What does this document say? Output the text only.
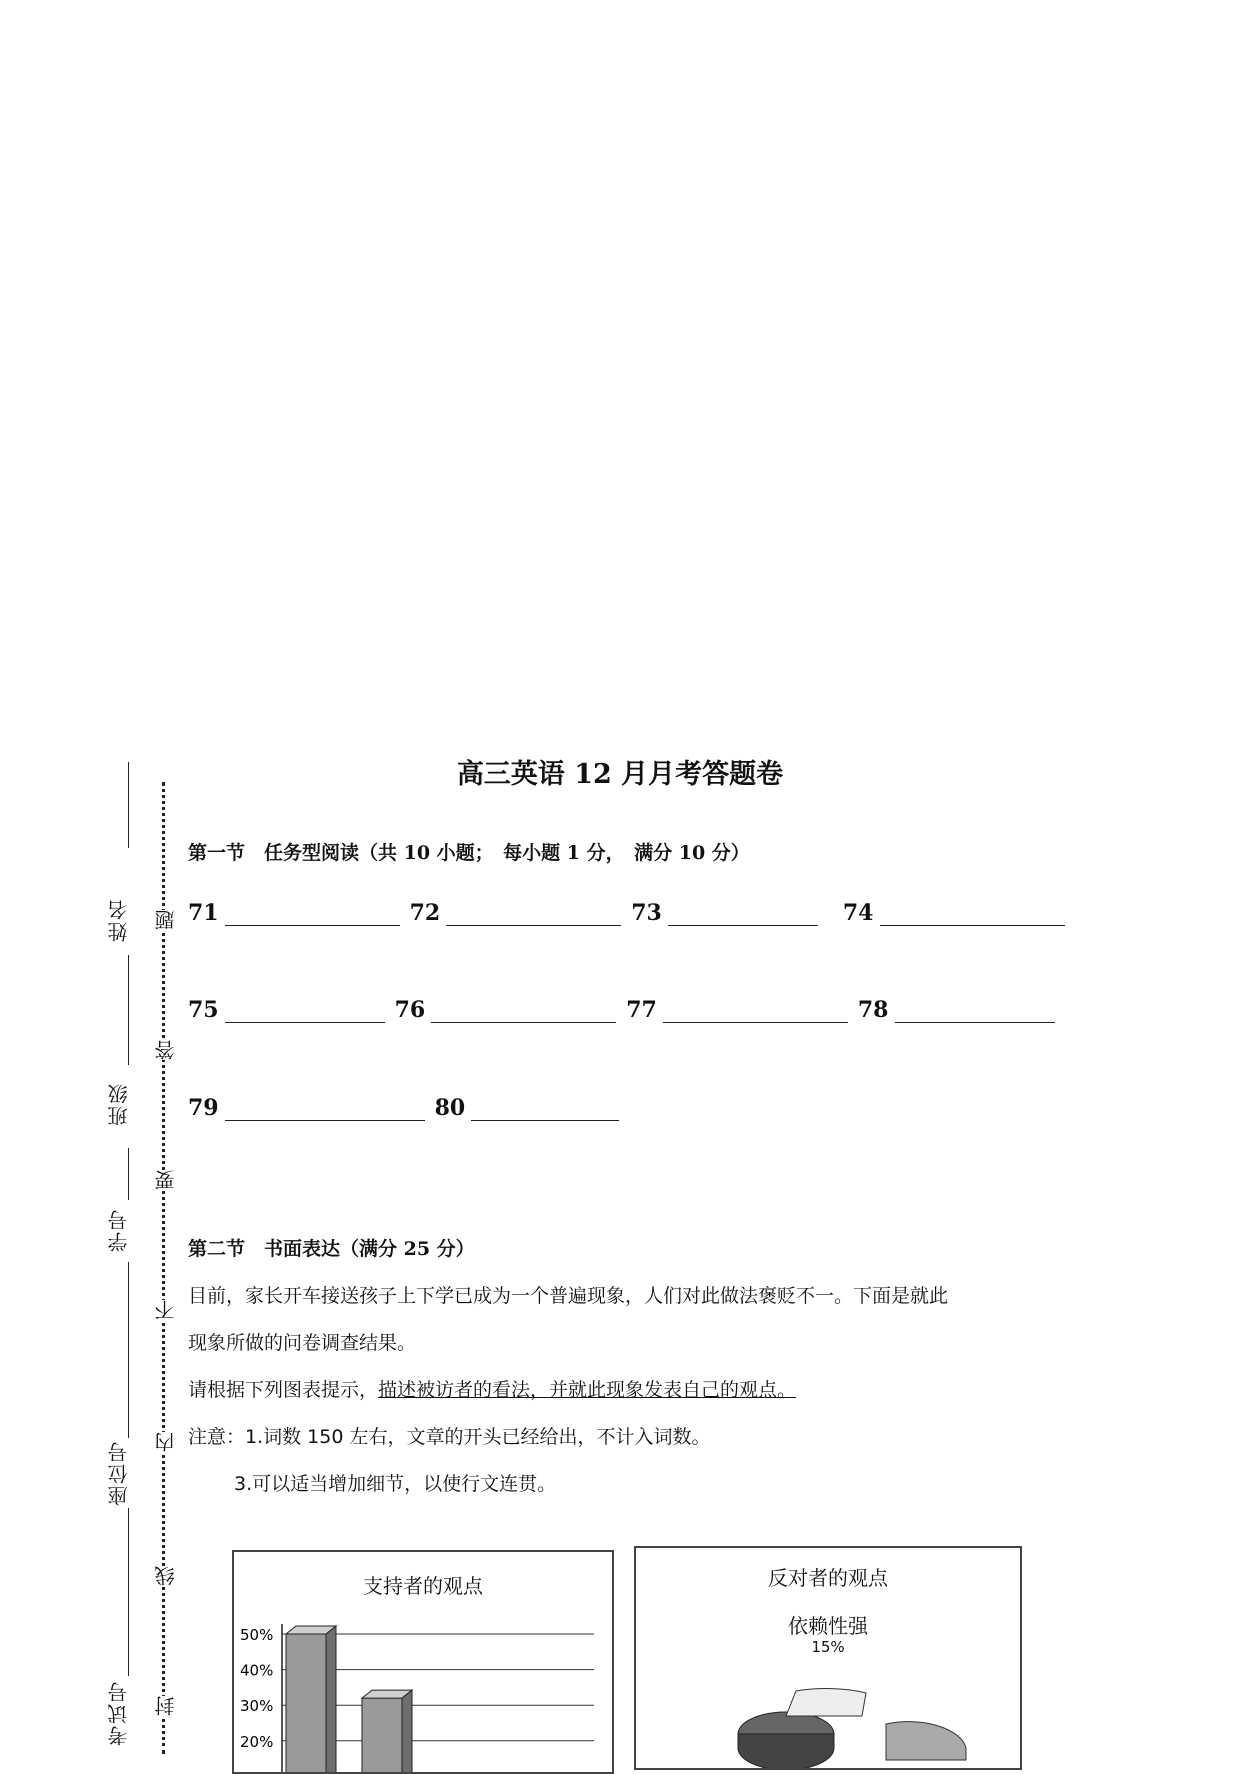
姓名
班级
学号
座位号
考试号
题
答
要
不
内
线
封
高三英语 12 月月考答题卷
第一节　任务型阅读（共 10 小题；　每小题 1 分，　满分 10 分）
71	72	73	74
75	76	77	78
79	80
第二节　书面表达（满分 25 分）
目前，家长开车接送孩子上下学已成为一个普遍现象，人们对此做法褒贬不一。下面是就此
现象所做的问卷调查结果。
请根据下列图表提示，描述被访者的看法，并就此现象发表自己的观点。
注意：1.词数 150 左右，文章的开头已经给出，不计入词数。
3.可以适当增加细节，以使行文连贯。
支持者的观点
50%
40%
30%
20%
反对者的观点
依赖性强
15%
